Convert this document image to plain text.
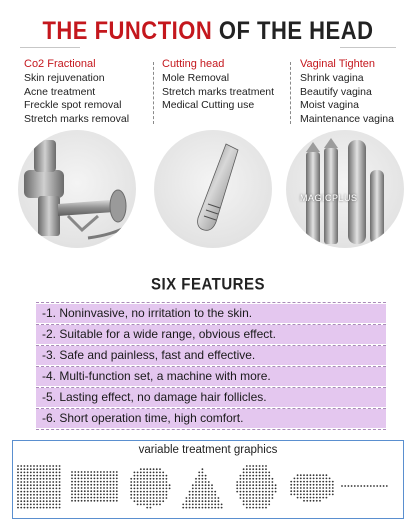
THE FUNCTION OF THE HEAD
Co2 Fractional
Skin rejuvenation
Acne treatment
Freckle spot removal
Stretch marks removal
Cutting head
Mole Removal
Stretch marks treatment
Medical Cutting use
Vaginal Tighten
Shrink vagina
Beautify vagina
Moist vagina
Maintenance vagina
MAGICPLUS
SIX FEATURES
-1. Noninvasive, no irritation to the skin.
-2. Suitable for a wide range, obvious effect.
-3. Safe and painless, fast and effective.
-4. Multi-function set, a machine with more.
-5. Lasting effect, no damage hair follicles.
-6. Short operation time, high comfort.
variable treatment graphics
